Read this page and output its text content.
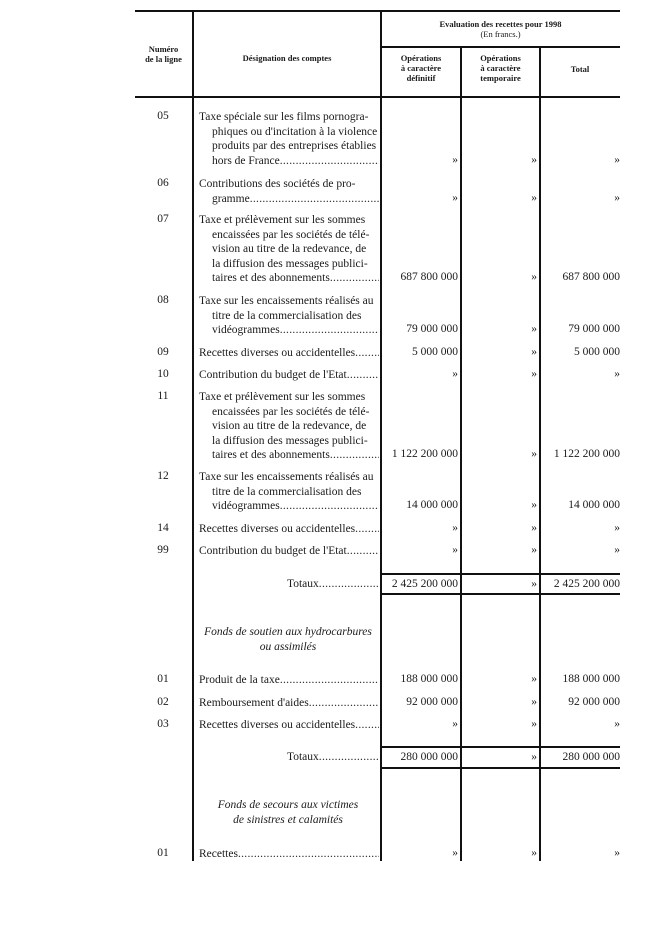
Numéro
de la ligne	Désignation des comptes
Evaluation des recettes pour 1998
(En francs.)
Opérations
à caractère
définitif
Opérations
à caractère
temporaire
Total
05	Taxe spéciale sur les films pornogra-
phiques ou d'incitation à la violence
produits par des entreprises établies
hors de France .....	»	»	»
06	Contributions des sociétés de pro-
gramme .....	»	»	»
07	Taxe et prélèvement sur les sommes
encaissées par les sociétés de télé-
vision au titre de la redevance, de
la diffusion des messages publici-
taires et des abonnements .....	687 800 000	»	687 800 000
08	Taxe sur les encaissements réalisés au
titre de la commercialisation des
vidéogrammes .....	79 000 000	»	79 000 000
09	Recettes diverses ou accidentelles .....	5 000 000	»	5 000 000
10	Contribution du budget de l'Etat .....	»	»	»
11	Taxe et prélèvement sur les sommes
encaissées par les sociétés de télé-
vision au titre de la redevance, de
la diffusion des messages publici-
taires et des abonnements .....	1 122 200 000	»	1 122 200 000
12	Taxe sur les encaissements réalisés au
titre de la commercialisation des
vidéogrammes .....	14 000 000	»	14 000 000
14	Recettes diverses ou accidentelles .....	»	»	»
99	Contribution du budget de l'Etat .....	»	»	»
Totaux
.....	2 425 200 000	»	2 425 200 000
Fonds de soutien aux hydrocarbures
ou assimilés
01	Produit de la taxe .....	188 000 000	»	188 000 000
02	Remboursement d'aides .....	92 000 000	»	92 000 000
03	Recettes diverses ou accidentelles .....	»	»	»
Totaux
.....	280 000 000	»	280 000 000
Fonds de secours aux victimes
de sinistres et calamités
01	Recettes .....	»	»	»
